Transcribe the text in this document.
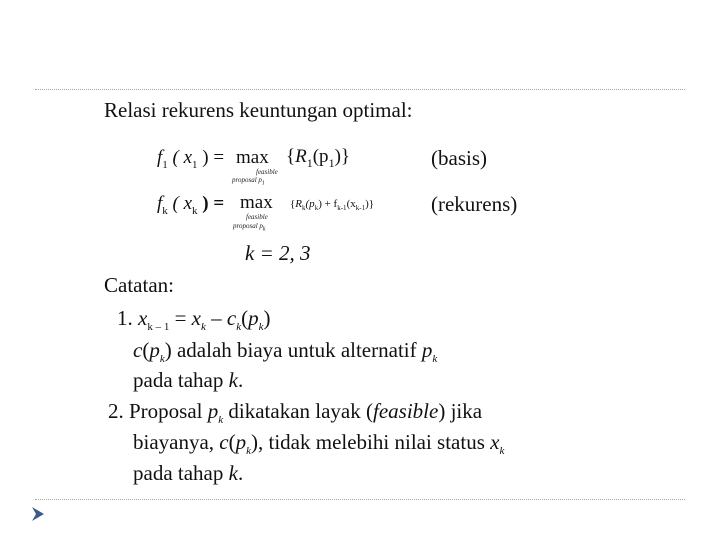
Relasi rekurens keuntungan optimal:
$f_1$ ( $x_1$ ) = max
feasible
proposal $p_1$
$\{R_1(p_1)\}$	(basis)
$f_k$ ( $x_k$ ) = max
feasible
proposal $p_k$
$\{R_k(p_k) + f_{k-1}(x_{k-1})\}$	(rekurens)
k = 2, 3
Catatan:
1. $x_{k - 1} = x_k - c_k(p_k)$
$c(p_k)$ adalah biaya untuk alternatif $p_k$
pada tahap k.
2. Proposal $p_k$ dikatakan layak (feasible) jika
biayanya, $c(p_k)$, tidak melebihi nilai status $x_k$
pada tahap k.
